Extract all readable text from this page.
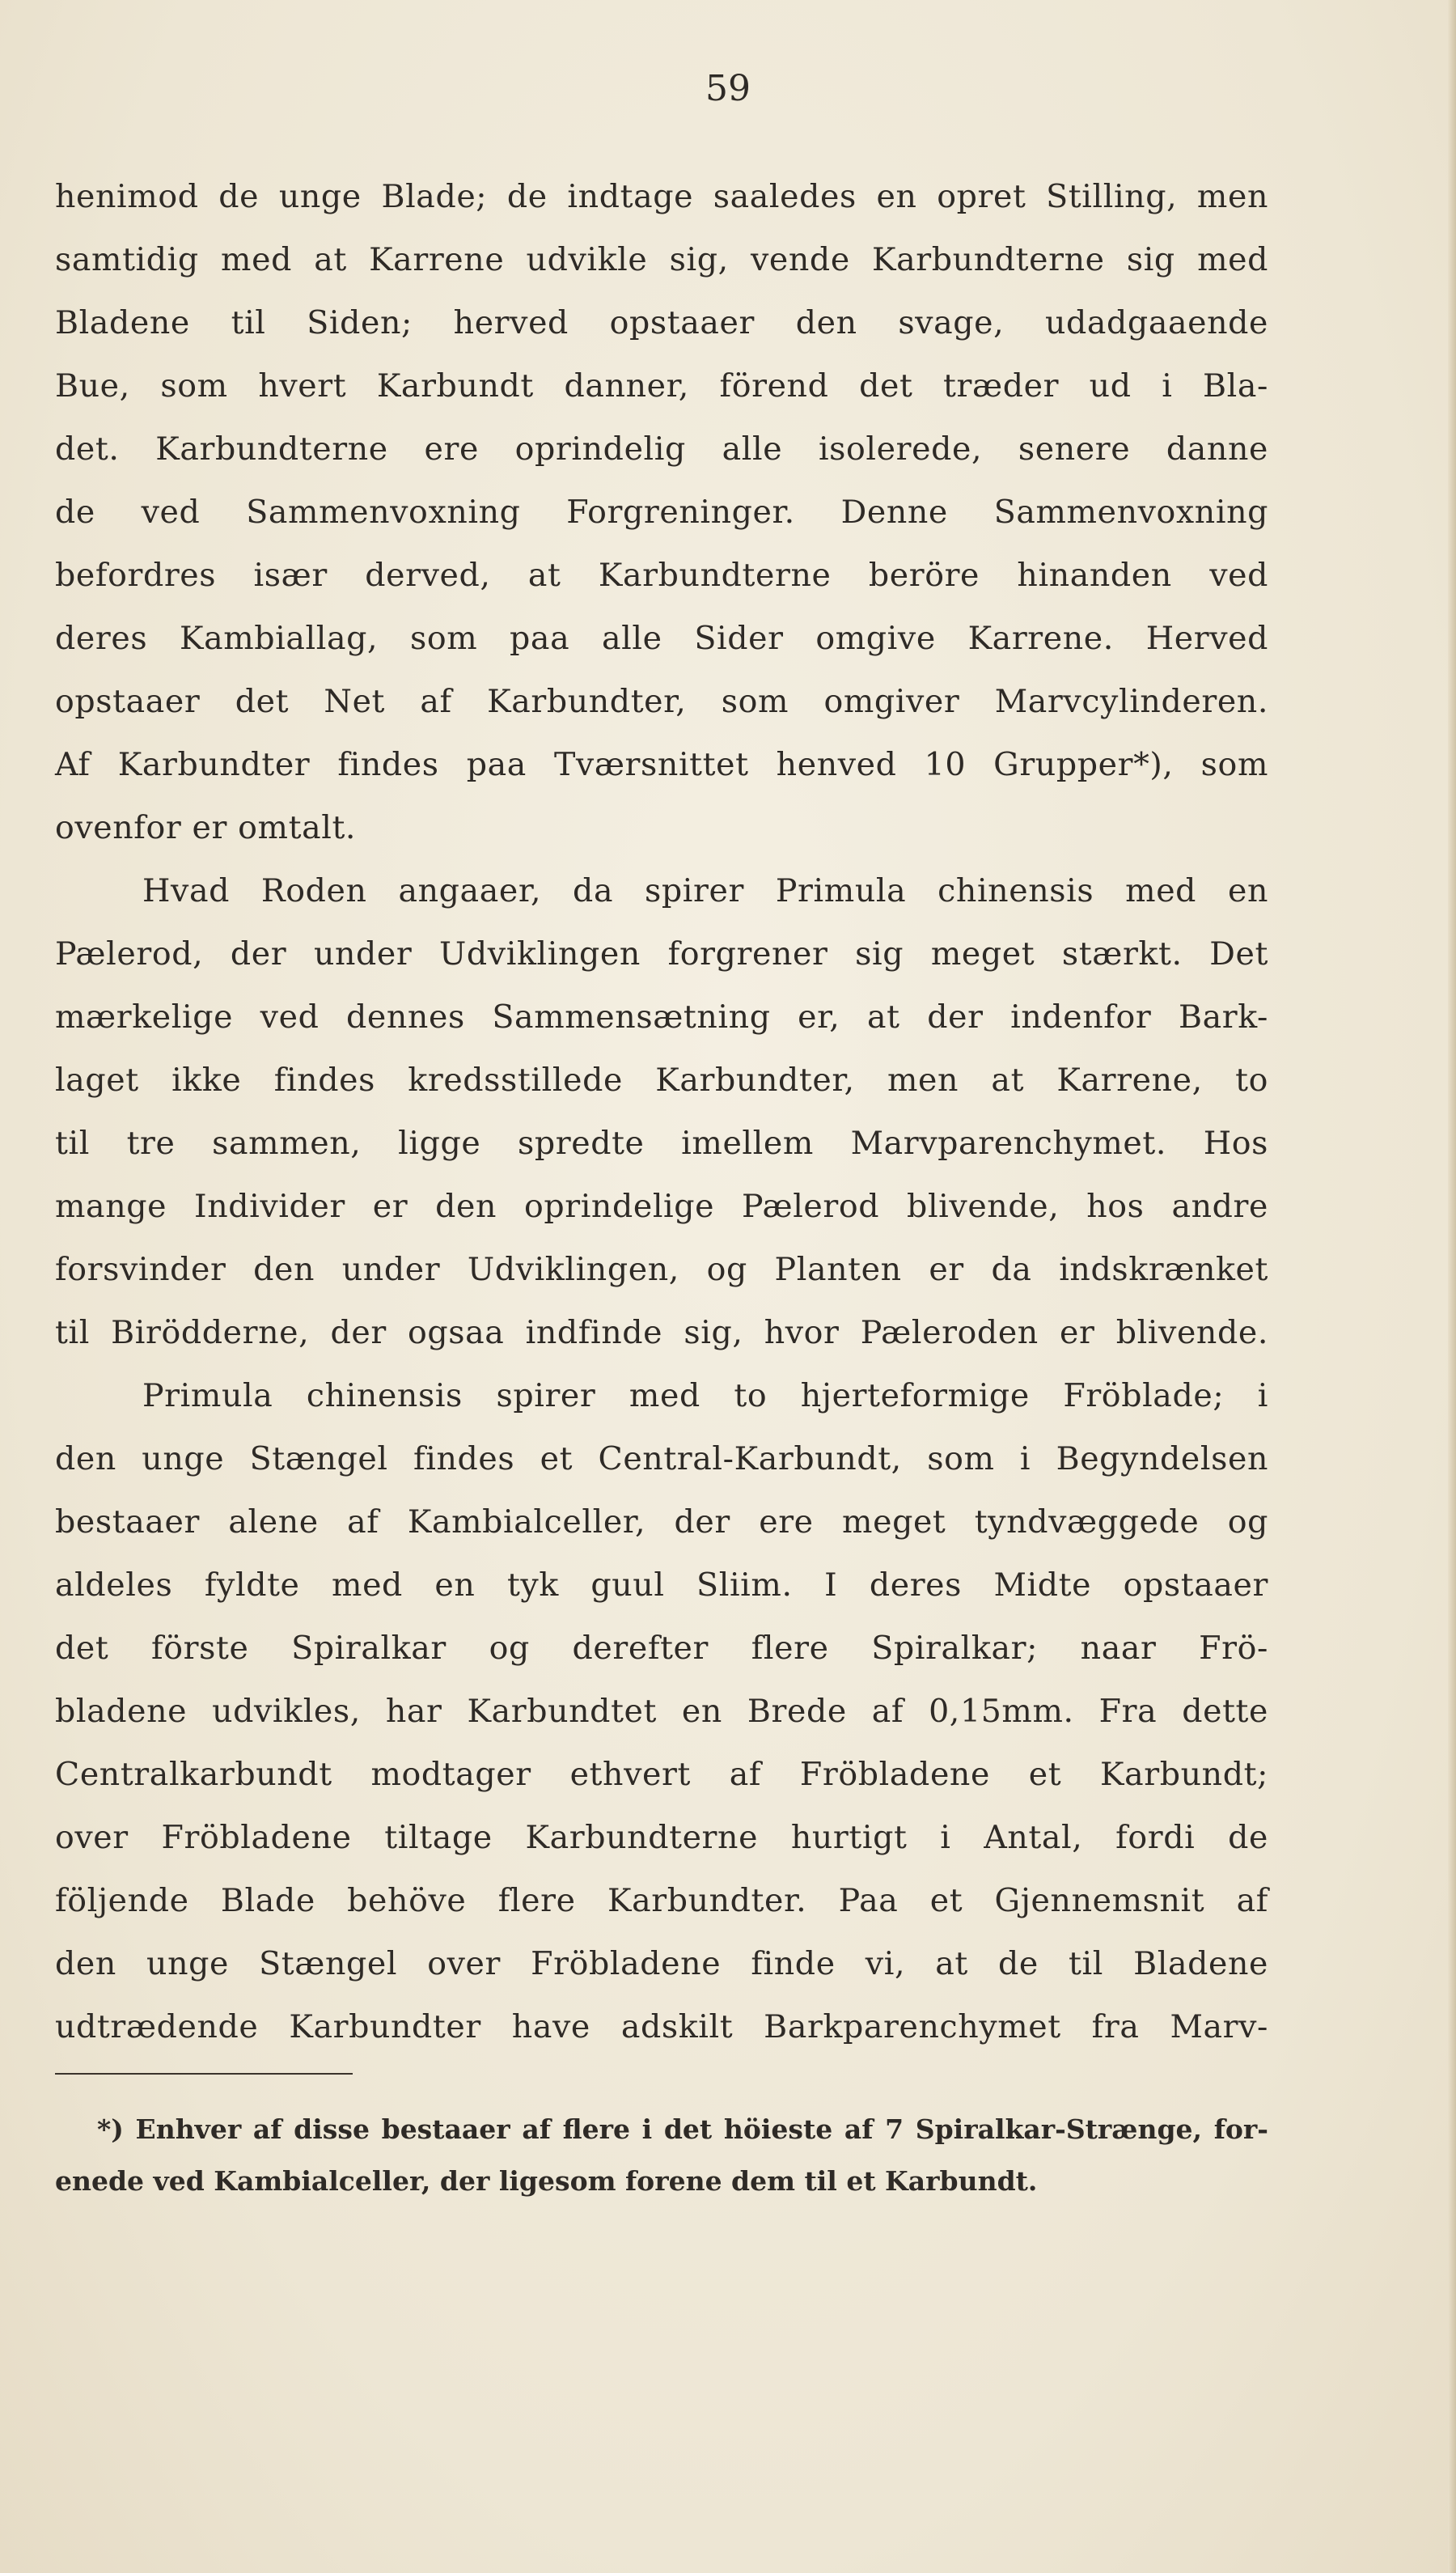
59
henimod de unge Blade; de indtage saaledes en opret Stilling, men
samtidig med at Karrene udvikle sig, vende Karbundterne sig med
Bladene til Siden; herved opstaaer den svage, udadgaaende
Bue, som hvert Karbundt danner, förend det træder ud i Bla-
det. Karbundterne ere oprindelig alle isolerede, senere danne
de ved Sammenvoxning Forgreninger. Denne Sammenvoxning
befordres især derved, at Karbundterne beröre hinanden ved
deres Kambiallag, som paa alle Sider omgive Karrene. Herved
opstaaer det Net af Karbundter, som omgiver Marvcylinderen.
Af Karbundter findes paa Tværsnittet henved 10 Grupper*), som
ovenfor er omtalt.
Hvad Roden angaaer, da spirer Primula chinensis med en
Pælerod, der under Udviklingen forgrener sig meget stærkt. Det
mærkelige ved dennes Sammensætning er, at der indenfor Bark-
laget ikke findes kredsstillede Karbundter, men at Karrene, to
til tre sammen, ligge spredte imellem Marvparenchymet. Hos
mange Individer er den oprindelige Pælerod blivende, hos andre
forsvinder den under Udviklingen, og Planten er da indskrænket
til Birödderne, der ogsaa indfinde sig, hvor Pæleroden er blivende.
Primula chinensis spirer med to hjerteformige Fröblade; i
den unge Stængel findes et Central-Karbundt, som i Begyndelsen
bestaaer alene af Kambialceller, der ere meget tyndvæggede og
aldeles fyldte med en tyk guul Sliim. I deres Midte opstaaer
det förste Spiralkar og derefter flere Spiralkar; naar Frö-
bladene udvikles, har Karbundtet en Brede af 0,15mm. Fra dette
Centralkarbundt modtager ethvert af Fröbladene et Karbundt;
over Fröbladene tiltage Karbundterne hurtigt i Antal, fordi de
följende Blade behöve flere Karbundter. Paa et Gjennemsnit af
den unge Stængel over Fröbladene finde vi, at de til Bladene
udtrædende Karbundter have adskilt Barkparenchymet fra Marv-
*) Enhver af disse bestaaer af flere i det höieste af 7 Spiralkar-Strænge, for-
enede ved Kambialceller, der ligesom forene dem til et Karbundt.
